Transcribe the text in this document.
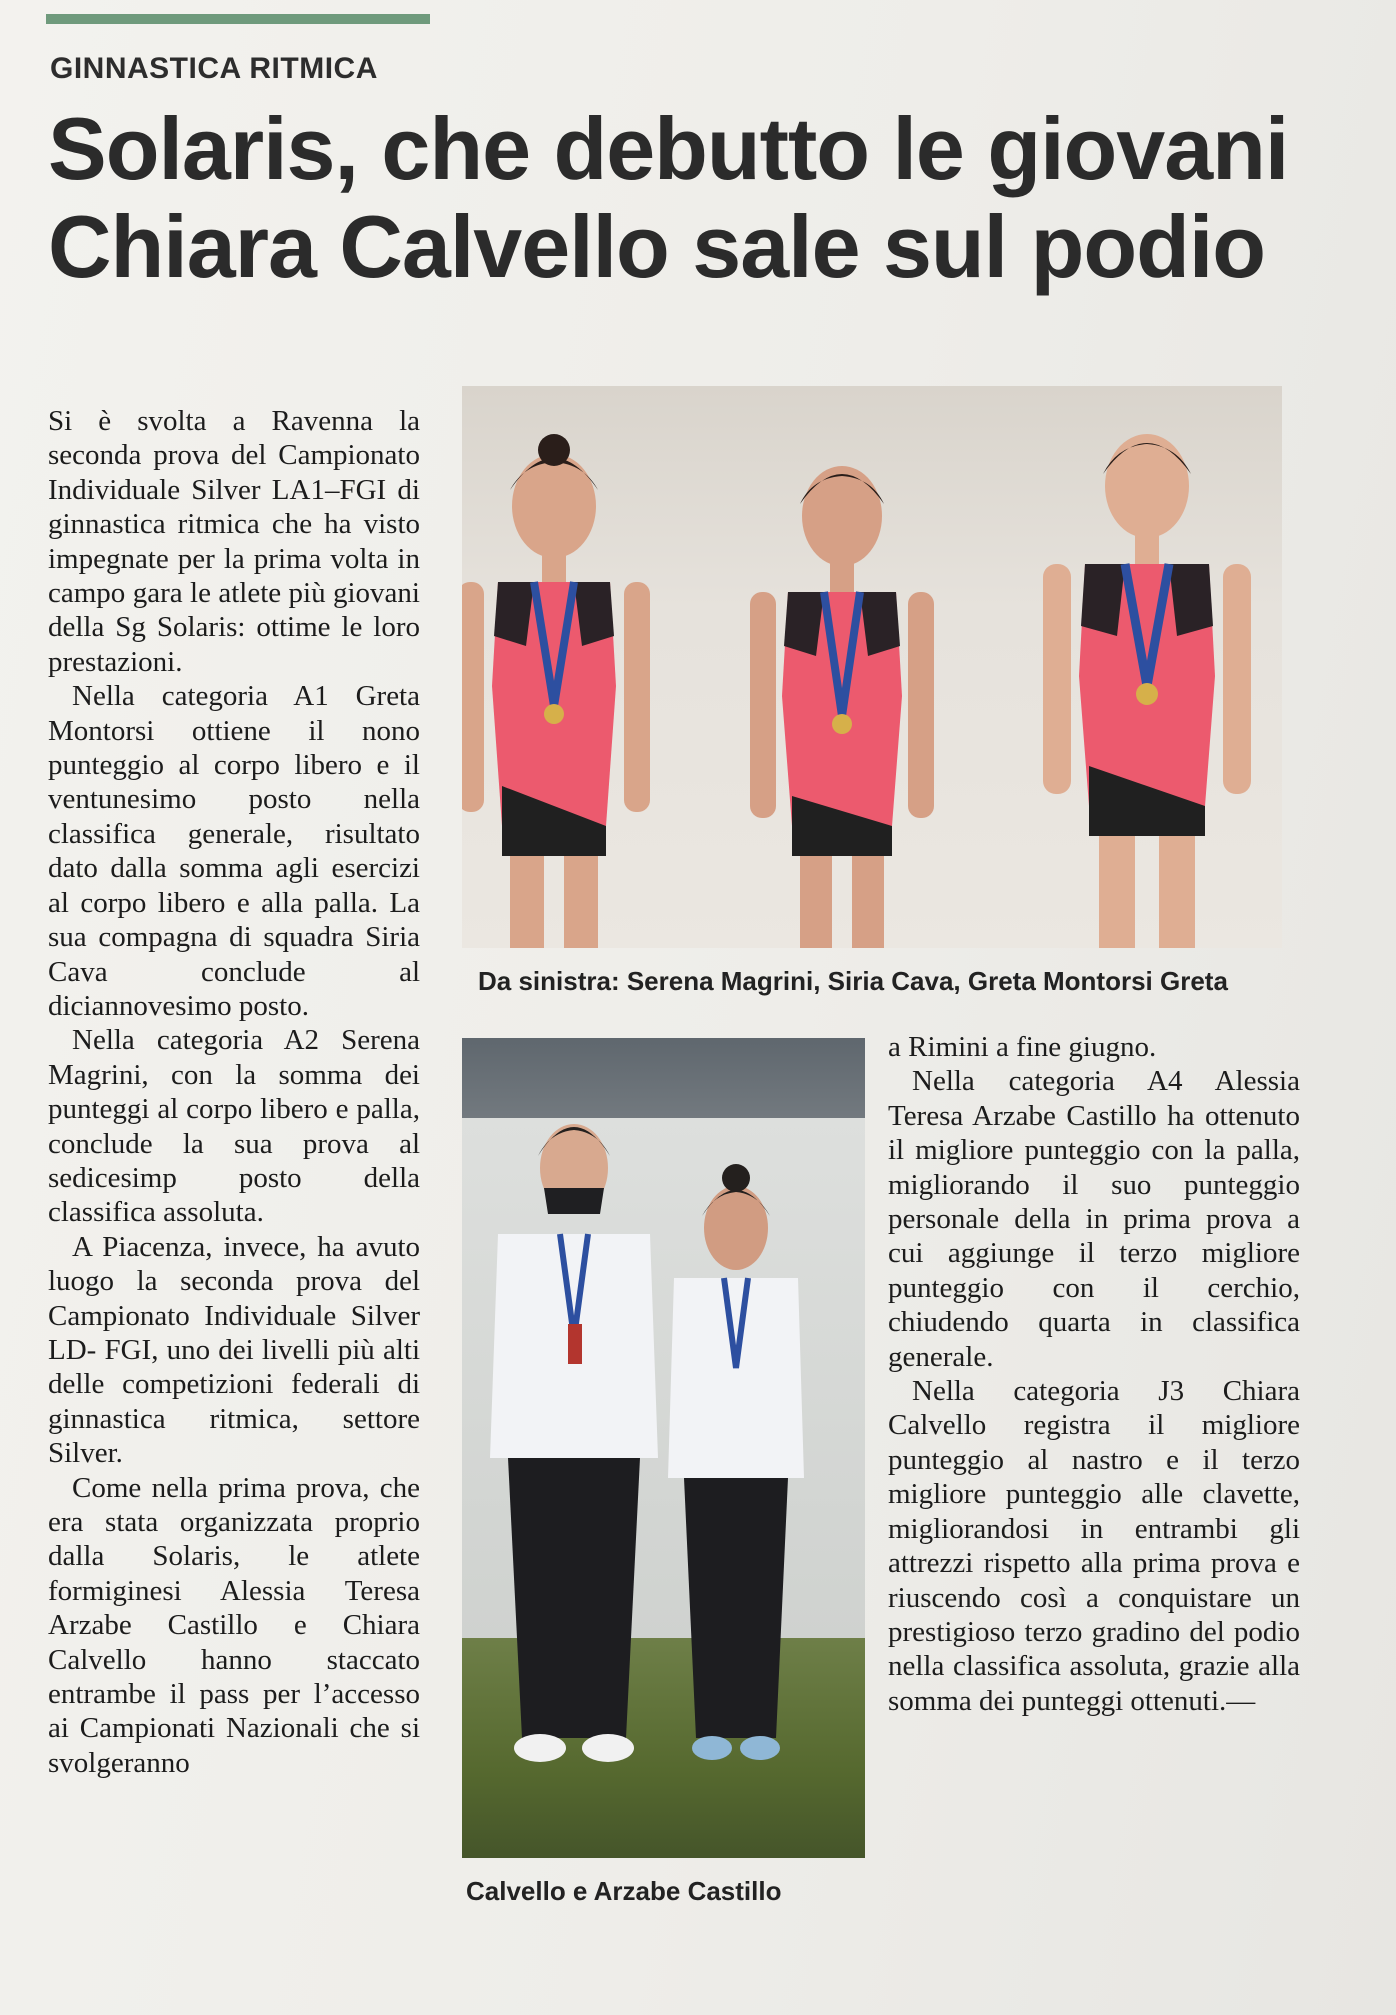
GINNASTICA RITMICA
Solaris, che debutto le giovani
Chiara Calvello sale sul podio

Si è svolta a Ravenna la seconda prova del Campionato Individuale Silver LA1–FGI di ginnastica ritmica che ha visto impegnate per la prima volta in campo gara le atlete più giovani della Sg Solaris: ottime le loro prestazioni.

Nella categoria A1 Greta Montorsi ottiene il nono punteggio al corpo libero e il ventunesimo posto nella classifica generale, risultato dato dalla somma agli esercizi al corpo libero e alla palla. La sua compagna di squadra Siria Cava conclude al diciannovesimo posto.

Nella categoria A2 Serena Magrini, con la somma dei punteggi al corpo libero e palla, conclude la sua prova al sedicesimp posto della classifica assoluta.

A Piacenza, invece, ha avuto luogo la seconda prova del Campionato Individuale Silver LD- FGI, uno dei livelli più alti delle competizioni federali di ginnastica ritmica, settore Silver.

Come nella prima prova, che era stata organizzata proprio dalla Solaris, le atlete formiginesi Alessia Teresa Arzabe Castillo e Chiara Calvello hanno staccato entrambe il pass per l’accesso ai Campionati Nazionali che si svolgeranno

Da sinistra: Serena Magrini, Siria Cava, Greta Montorsi Greta
Calvello e Arzabe Castillo

a Rimini a fine giugno.

Nella categoria A4 Alessia Teresa Arzabe Castillo ha ottenuto il migliore punteggio con la palla, migliorando il suo punteggio personale della in prima prova a cui aggiunge il terzo migliore punteggio con il cerchio, chiudendo quarta in classifica generale.

Nella categoria J3 Chiara Calvello registra il migliore punteggio al nastro e il terzo migliore punteggio alle clavette, migliorandosi in entrambi gli attrezzi rispetto alla prima prova e riuscendo così a conquistare un prestigioso terzo gradino del podio nella classifica assoluta, grazie alla somma dei punteggi ottenuti.—
